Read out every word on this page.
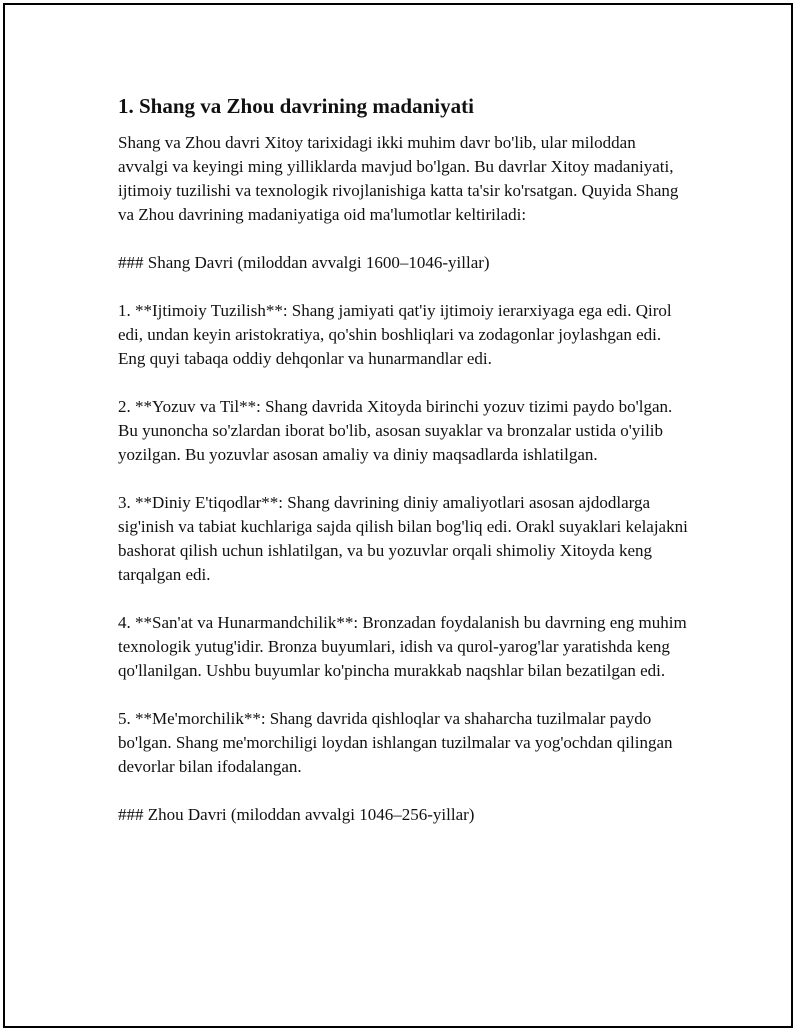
1. Shang va Zhou davrining madaniyati

Shang va Zhou davri Xitoy tarixidagi ikki muhim davr bo'lib, ular miloddan avvalgi va keyingi ming yilliklarda mavjud bo'lgan. Bu davrlar Xitoy madaniyati, ijtimoiy tuzilishi va texnologik rivojlanishiga katta ta'sir ko'rsatgan. Quyida Shang va Zhou davrining madaniyatiga oid ma'lumotlar keltiriladi:

### Shang Davri (miloddan avvalgi 1600–1046-yillar)

1. **Ijtimoiy Tuzilish**: Shang jamiyati qat'iy ijtimoiy ierarxiyaga ega edi. Qirol edi, undan keyin aristokratiya, qo'shin boshliqlari va zodagonlar joylashgan edi. Eng quyi tabaqa oddiy dehqonlar va hunarmandlar edi.

2. **Yozuv va Til**: Shang davrida Xitoyda birinchi yozuv tizimi paydo bo'lgan. Bu yunoncha so'zlardan iborat bo'lib, asosan suyaklar va bronzalar ustida o'yilib yozilgan. Bu yozuvlar asosan amaliy va diniy maqsadlarda ishlatilgan.

3. **Diniy E'tiqodlar**: Shang davrining diniy amaliyotlari asosan ajdodlarga sig'inish va tabiat kuchlariga sajda qilish bilan bog'liq edi. Orakl suyaklari kelajakni bashorat qilish uchun ishlatilgan, va bu yozuvlar orqali shimoliy Xitoyda keng tarqalgan edi.

4. **San'at va Hunarmandchilik**: Bronzadan foydalanish bu davrning eng muhim texnologik yutug'idir. Bronza buyumlari, idish va qurol-yarog'lar yaratishda keng qo'llanilgan. Ushbu buyumlar ko'pincha murakkab naqshlar bilan bezatilgan edi.

5. **Me'morchilik**: Shang davrida qishloqlar va shaharcha tuzilmalar paydo bo'lgan. Shang me'morchiligi loydan ishlangan tuzilmalar va yog'ochdan qilingan devorlar bilan ifodalangan.

### Zhou Davri (miloddan avvalgi 1046–256-yillar)
